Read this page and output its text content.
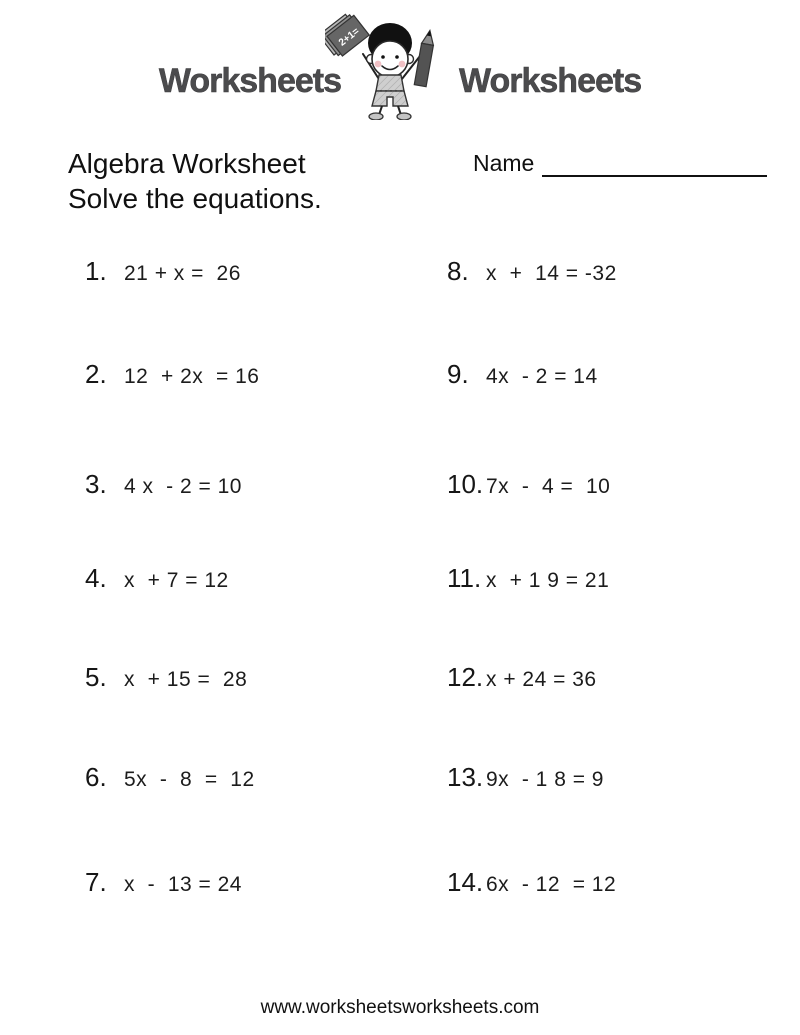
Worksheets
2+1=
Worksheets
Algebra Worksheet
Solve the equations.
Name
1. 21 + x =  26
2. 12  + 2x  = 16
3. 4 x  - 2 = 10
4. x  + 7 = 12
5. x  + 15 =  28
6. 5x  -  8  =  12
7. x  -  13 = 24
8. x  +  14 = -32
9. 4x  - 2 = 14
10. 7x  -  4 =  10
11. x  + 1 9 = 21
12. x + 24 = 36
13. 9x  - 1 8 = 9
14. 6x  - 12  = 12
www.worksheetsworksheets.com
